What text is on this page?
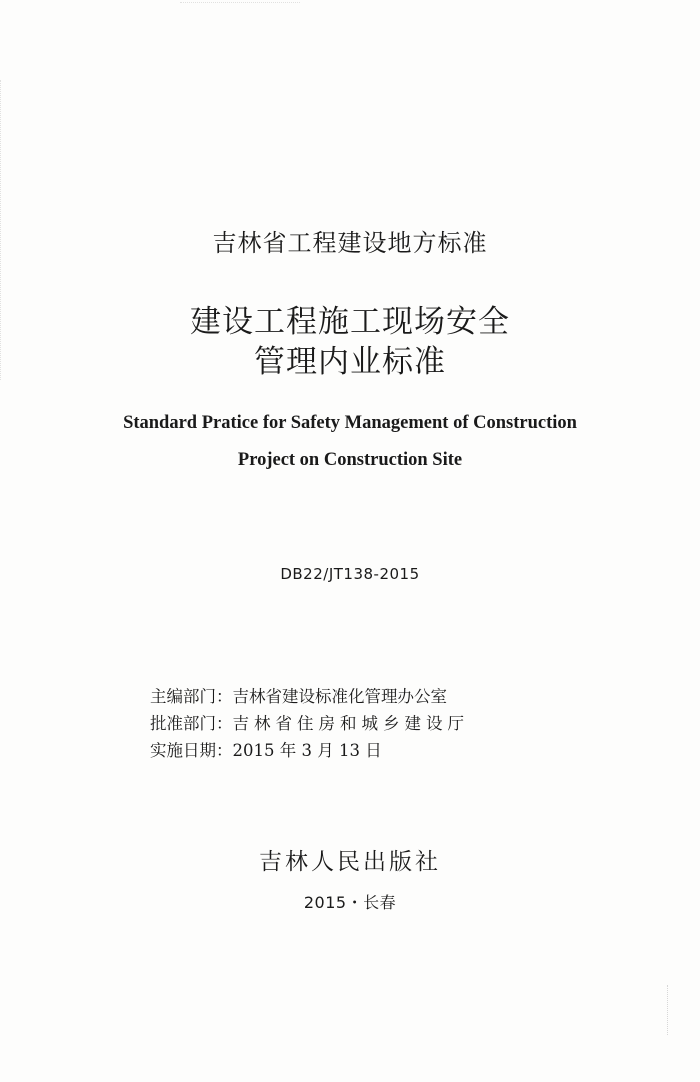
吉林省工程建设地方标准
建设工程施工现场安全
管理内业标准
Standard Pratice for Safety Management of Construction
Project on Construction Site
DB22/JT138-2015
主编部门：吉林省建设标准化管理办公室
批准部门：吉林省住房和城乡建设厅
实施日期：2015 年 3 月 13 日
吉林人民出版社
2015・长春
